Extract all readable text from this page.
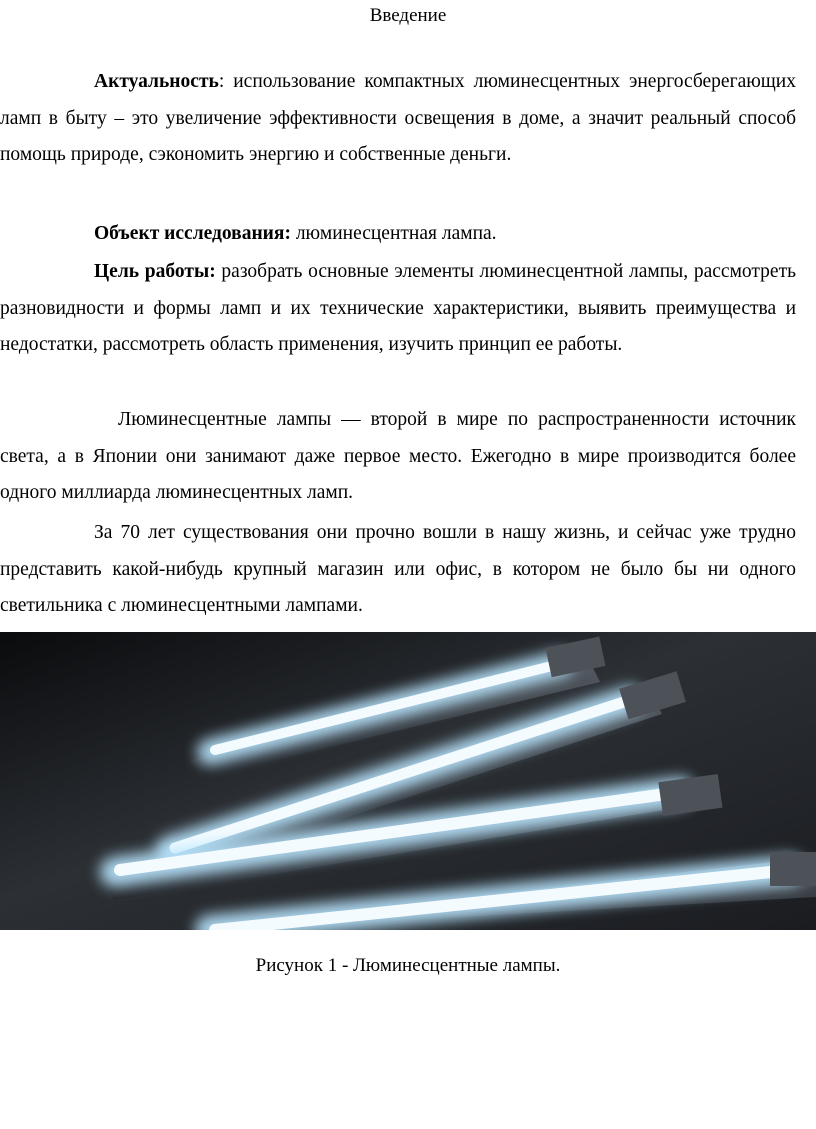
Введение
Актуальность: использование компактных люминесцентных энергосберегающих ламп в быту – это увеличение эффективности освещения в доме, а значит реальный способ помощь природе, сэкономить энергию и собственные деньги.
Объект исследования: люминесцентная лампа.
Цель работы: разобрать основные элементы люминесцентной лампы, рассмотреть разновидности и формы ламп и их технические характеристики, выявить преимущества и недостатки, рассмотреть область применения, изучить принцип ее работы.
Люминесцентные лампы — второй в мире по распространенности источник света, а в Японии они занимают даже первое место. Ежегодно в мире производится более одного миллиарда люминесцентных ламп.
За 70 лет существования они прочно вошли в нашу жизнь, и сейчас уже трудно представить какой-нибудь крупный магазин или офис, в котором не было бы ни одного светильника с люминесцентными лампами.
Рисунок 1 - Люминесцентные лампы.
